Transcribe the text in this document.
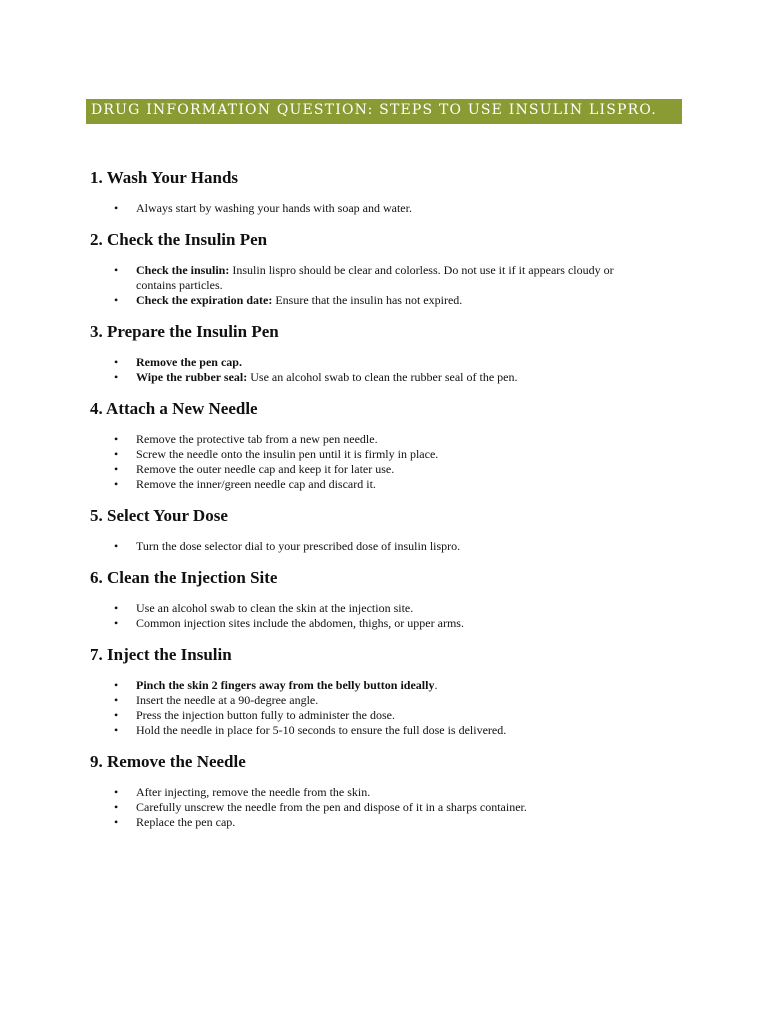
DRUG INFORMATION QUESTION: STEPS TO USE INSULIN LISPRO.
1. Wash Your Hands
• Always start by washing your hands with soap and water.
2. Check the Insulin Pen
• Check the insulin: Insulin lispro should be clear and colorless. Do not use it if it appears cloudy or contains particles.
• Check the expiration date: Ensure that the insulin has not expired.
3. Prepare the Insulin Pen
• Remove the pen cap.
• Wipe the rubber seal: Use an alcohol swab to clean the rubber seal of the pen.
4. Attach a New Needle
• Remove the protective tab from a new pen needle.
• Screw the needle onto the insulin pen until it is firmly in place.
• Remove the outer needle cap and keep it for later use.
• Remove the inner/green needle cap and discard it.
5. Select Your Dose
• Turn the dose selector dial to your prescribed dose of insulin lispro.
6. Clean the Injection Site
• Use an alcohol swab to clean the skin at the injection site.
• Common injection sites include the abdomen, thighs, or upper arms.
7. Inject the Insulin
• Pinch the skin 2 fingers away from the belly button ideally.
• Insert the needle at a 90-degree angle.
• Press the injection button fully to administer the dose.
• Hold the needle in place for 5-10 seconds to ensure the full dose is delivered.
9. Remove the Needle
• After injecting, remove the needle from the skin.
• Carefully unscrew the needle from the pen and dispose of it in a sharps container.
• Replace the pen cap.
